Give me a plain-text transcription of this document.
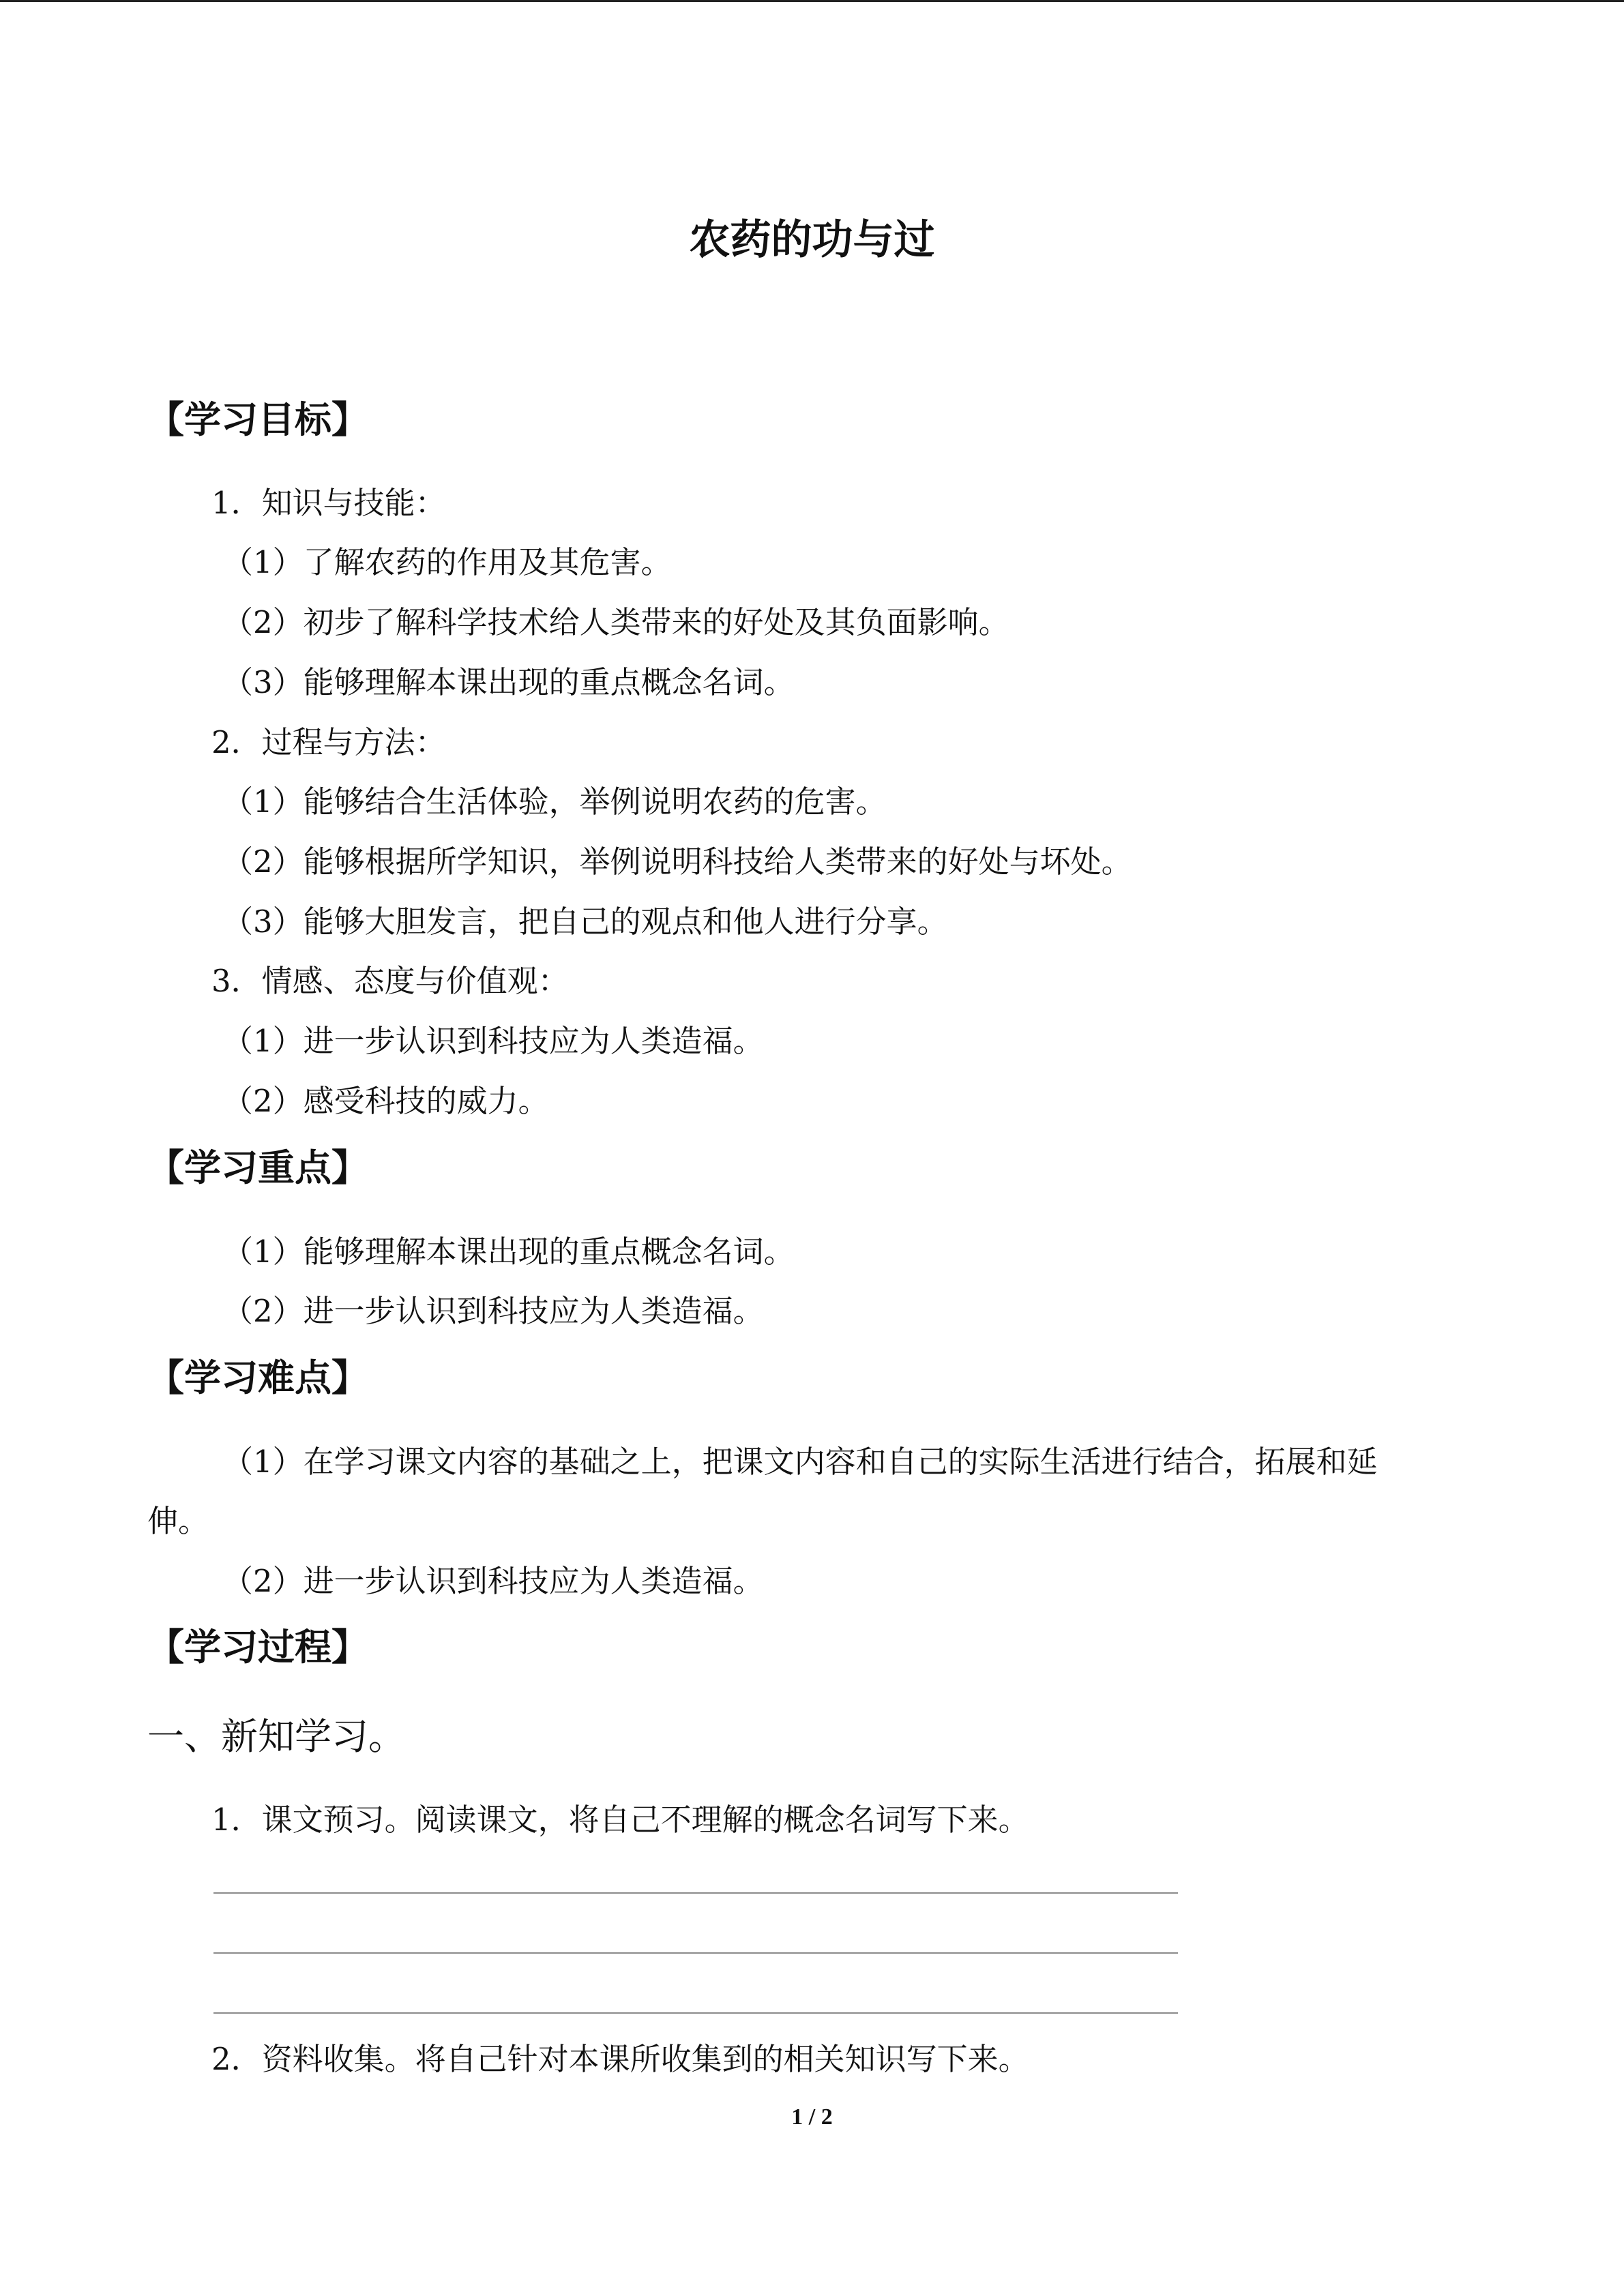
农药的功与过
【学习目标】
1．知识与技能：
（1）了解农药的作用及其危害。
（2）初步了解科学技术给人类带来的好处及其负面影响。
（3）能够理解本课出现的重点概念名词。
2．过程与方法：
（1）能够结合生活体验，举例说明农药的危害。
（2）能够根据所学知识，举例说明科技给人类带来的好处与坏处。
（3）能够大胆发言，把自己的观点和他人进行分享。
3．情感、态度与价值观：
（1）进一步认识到科技应为人类造福。
（2）感受科技的威力。
【学习重点】
（1）能够理解本课出现的重点概念名词。
（2）进一步认识到科技应为人类造福。
【学习难点】
（1）在学习课文内容的基础之上，把课文内容和自己的实际生活进行结合，拓展和延
伸。
（2）进一步认识到科技应为人类造福。
【学习过程】
一、新知学习。
1．课文预习。阅读课文，将自己不理解的概念名词写下来。
2．资料收集。将自己针对本课所收集到的相关知识写下来。
1 / 2
